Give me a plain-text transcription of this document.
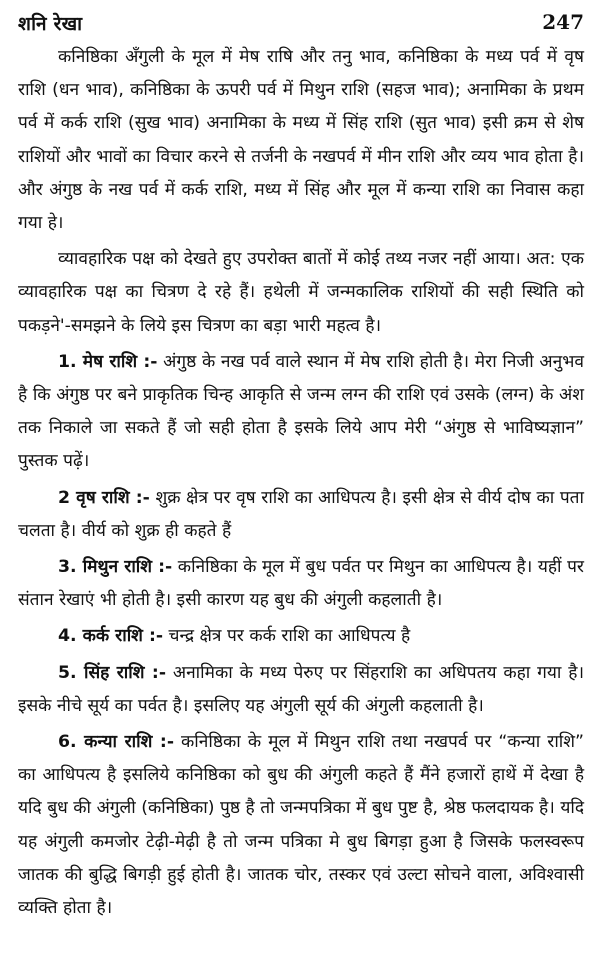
शनि रेखा	247

कनिष्ठिका अँगुली के मूल में मेष राषि और तनु भाव, कनिष्ठिका के मध्य पर्व में वृष राशि (धन भाव), कनिष्ठिका के ऊपरी पर्व में मिथुन राशि (सहज भाव); अनामिका के प्रथम पर्व में कर्क राशि (सुख भाव) अनामिका के मध्य में सिंह राशि (सुत भाव) इसी क्रम से शेष राशियों और भावों का विचार करने से तर्जनी के नखपर्व में मीन राशि और व्यय भाव होता है। और अंगुष्ठ के नख पर्व में कर्क राशि, मध्य में सिंह और मूल में कन्या राशि का निवास कहा गया हे।

व्यावहारिक पक्ष को देखते हुए उपरोक्त बातों में कोई तथ्य नजर नहीं आया। अत: एक व्यावहारिक पक्ष का चित्रण दे रहे हैं। हथेली में जन्मकालिक राशियों की सही स्थिति को पकड़ने'-समझने के लिये इस चित्रण का बड़ा भारी महत्व है।

1. मेष राशि :- अंगुष्ठ के नख पर्व वाले स्थान में मेष राशि होती है। मेरा निजी अनुभव है कि अंगुष्ठ पर बने प्राकृतिक चिन्ह आकृति से जन्म लग्न की राशि एवं उसके (लग्न) के अंश तक निकाले जा सकते हैं जो सही होता है इसके लिये आप मेरी “अंगुष्ठ से भाविष्यज्ञान” पुस्तक पढ़ें।

2 वृष राशि :- शुक्र क्षेत्र पर वृष राशि का आधिपत्य है। इसी क्षेत्र से वीर्य दोष का पता चलता है। वीर्य को शुक्र ही कहते हैं

3. मिथुन राशि :- कनिष्ठिका के मूल में बुध पर्वत पर मिथुन का आधिपत्य है। यहीं पर संतान रेखाएं भी होती है। इसी कारण यह बुध की अंगुली कहलाती है।

4. कर्क राशि :- चन्द्र क्षेत्र पर कर्क राशि का आधिपत्य है

5. सिंह राशि :- अनामिका के मध्य पेरुए पर सिंहराशि का अधिपतय कहा गया है। इसके नीचे सूर्य का पर्वत है। इसलिए यह अंगुली सूर्य की अंगुली कहलाती है।

6. कन्या राशि :- कनिष्ठिका के मूल में मिथुन राशि तथा नखपर्व पर “कन्या राशि” का आधिपत्य है इसलिये कनिष्ठिका को बुध की अंगुली कहते हैं मैंने हजारों हाथें में देखा है यदि बुध की अंगुली (कनिष्ठिका) पुष्ठ है तो जन्मपत्रिका में बुध पुष्ट है, श्रेष्ठ फलदायक है। यदि यह अंगुली कमजोर टेढ़ी-मेढ़ी है तो जन्म पत्रिका मे बुध बिगड़ा हुआ है जिसके फलस्वरूप जातक की बुद्धि बिगड़ी हुई होती है। जातक चोर, तस्कर एवं उल्टा सोचने वाला, अविश्वासी व्यक्ति होता है।
